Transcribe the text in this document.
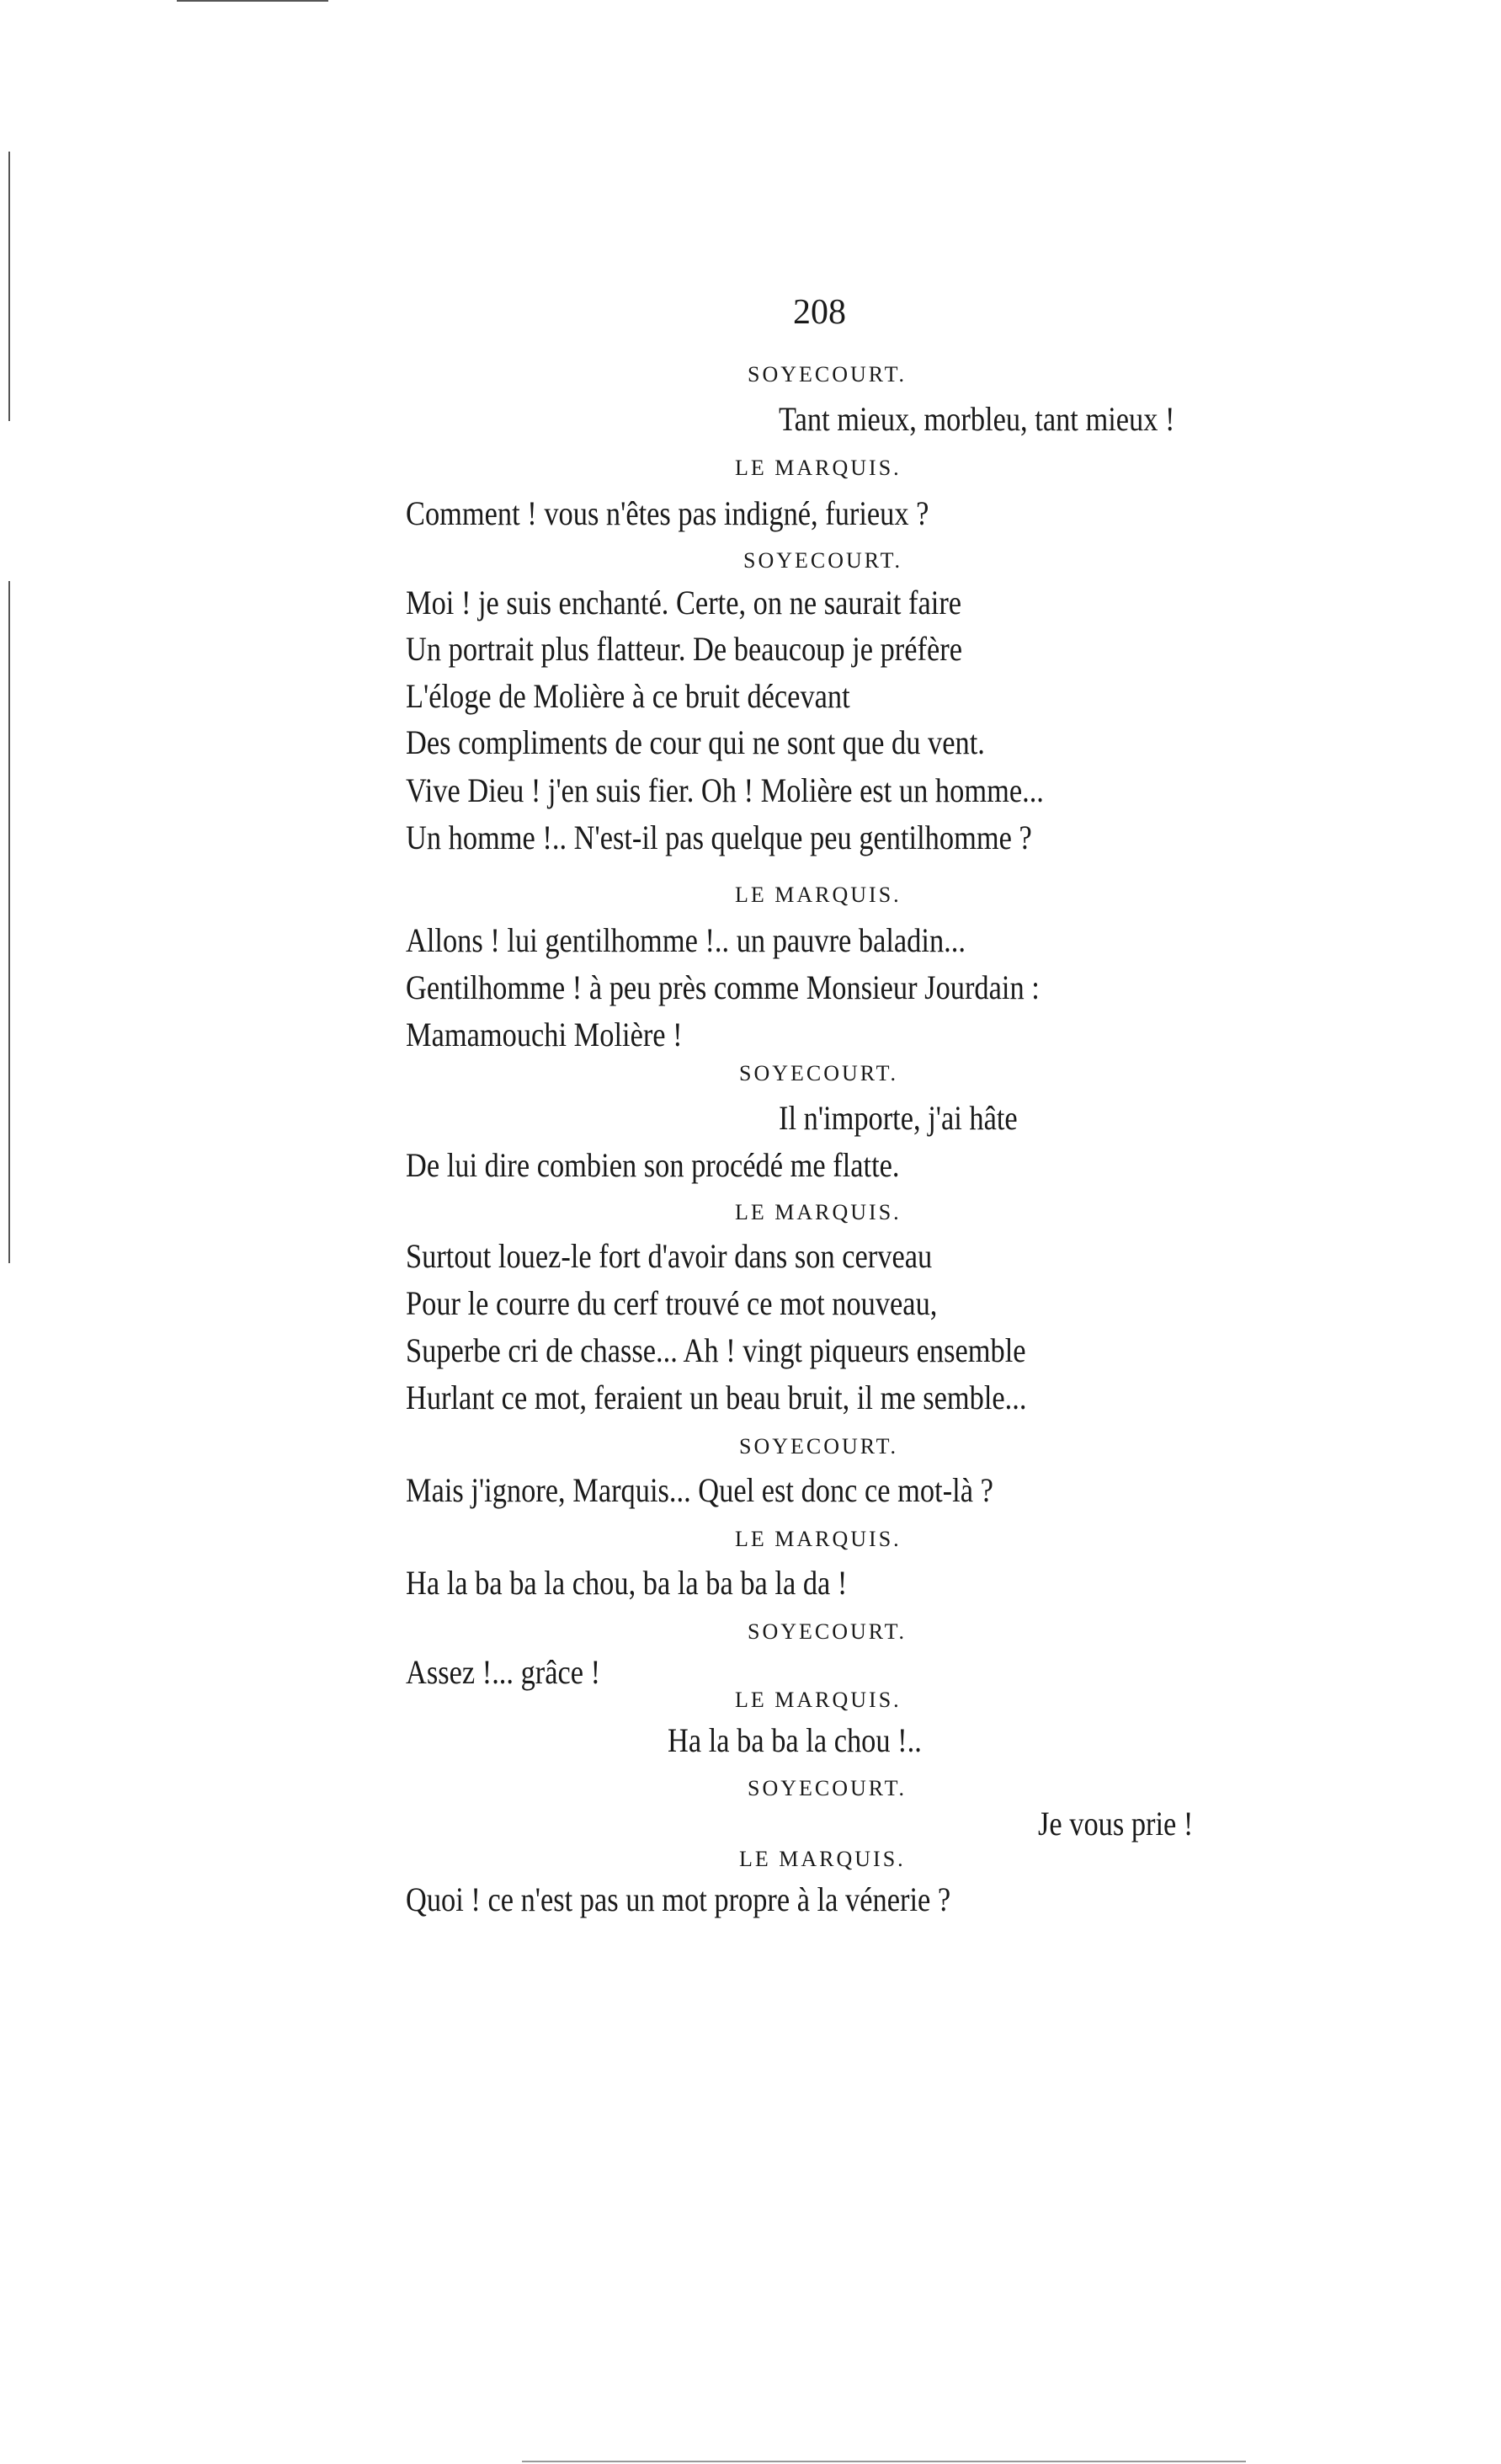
208
SOYECOURT.
Tant mieux, morbleu, tant mieux !
LE MARQUIS.
Comment ! vous n'êtes pas indigné, furieux ?
SOYECOURT.
Moi ! je suis enchanté. Certe, on ne saurait faire
Un portrait plus flatteur. De beaucoup je préfère
L'éloge de Molière à ce bruit décevant
Des compliments de cour qui ne sont que du vent.
Vive Dieu ! j'en suis fier. Oh ! Molière est un homme...
Un homme !.. N'est-il pas quelque peu gentilhomme ?
LE MARQUIS.
Allons ! lui gentilhomme !.. un pauvre baladin...
Gentilhomme ! à peu près comme Monsieur Jourdain :
Mamamouchi Molière !
SOYECOURT.
Il n'importe, j'ai hâte
De lui dire combien son procédé me flatte.
LE MARQUIS.
Surtout louez-le fort d'avoir dans son cerveau
Pour le courre du cerf trouvé ce mot nouveau,
Superbe cri de chasse... Ah ! vingt piqueurs ensemble
Hurlant ce mot, feraient un beau bruit, il me semble...
SOYECOURT.
Mais j'ignore, Marquis... Quel est donc ce mot-là ?
LE MARQUIS.
Ha la ba ba la chou, ba la ba ba la da !
SOYECOURT.
Assez !... grâce !
LE MARQUIS.
Ha la ba ba la chou !..
SOYECOURT.
Je vous prie !
LE MARQUIS.
Quoi ! ce n'est pas un mot propre à la vénerie ?
